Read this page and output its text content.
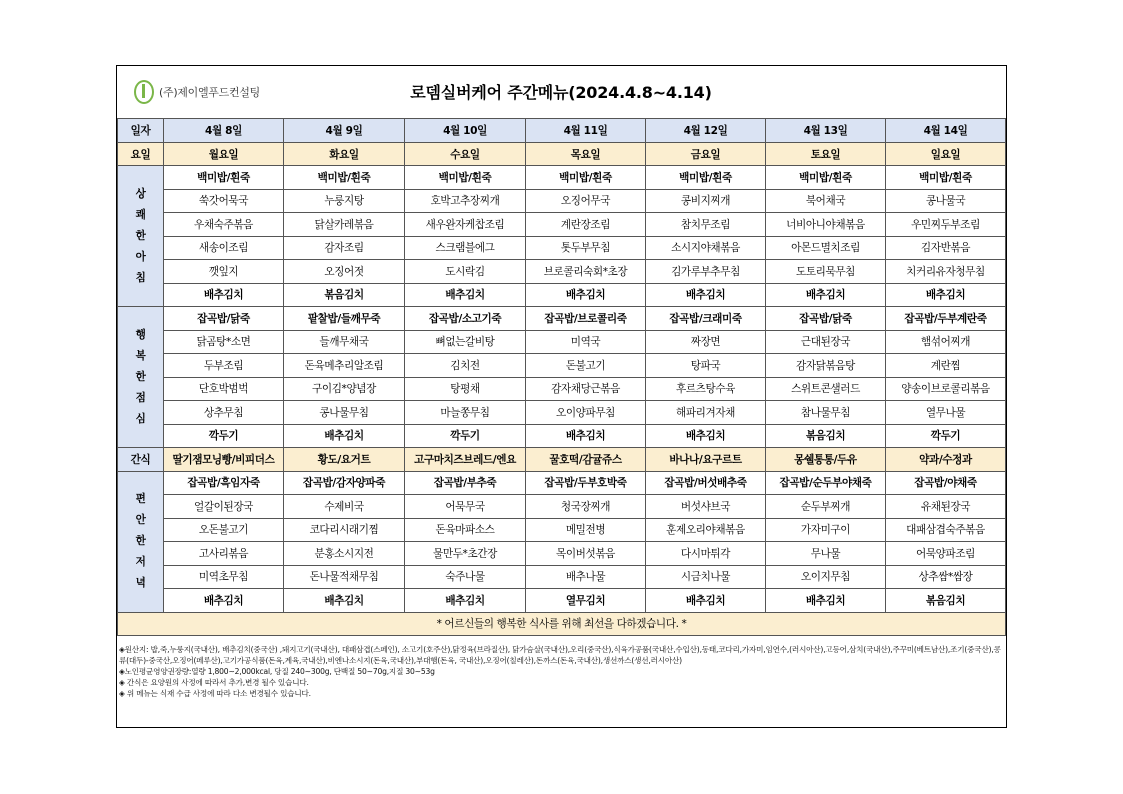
(주)제이엘푸드컨설팅	로뎀실버케어 주간메뉴(2024.4.8~4.14)
일자	4월 8일	4월 9일	4월 10일	4월 11일	4월 12일	4월 13일	4월 14일
요일	월요일	화요일	수요일	목요일	금요일	토요일	일요일
상
쾌
한
아
침	백미밥/흰죽	백미밥/흰죽	백미밥/흰죽	백미밥/흰죽	백미밥/흰죽	백미밥/흰죽	백미밥/흰죽
	쑥갓어묵국	누룽지탕	호박고추장찌개	오징어무국	콩비지찌개	북어채국	콩나물국
	우채숙주볶음	닭살카레볶음	새우완자케찹조림	계란장조림	참치무조림	너비아니야채볶음	우민찌두부조림
	새송이조림	감자조림	스크램블에그	톳두부무침	소시지야채볶음	아몬드멸치조림	김자반볶음
	깻잎지	오징어젓	도시락김	브로콜리숙회*초장	김가루부추무침	도토리묵무침	치커리유자청무침
	배추김치	볶음김치	배추김치	배추김치	배추김치	배추김치	배추김치
행
복
한
점
심	잡곡밥/닭죽	팥찰밥/들깨무죽	잡곡밥/소고기죽	잡곡밥/브로콜리죽	잡곡밥/크래미죽	잡곡밥/닭죽	잡곡밥/두부계란죽
	닭곰탕*소면	들깨무채국	뼈없는갈비탕	미역국	짜장면	근대된장국	햄섞어찌개
	두부조림	돈육메추리알조림	김치전	돈불고기	탕파국	감자닭볶음탕	계란찜
	단호박범벅	구이김*양념장	탕평채	감자채당근볶음	후르츠탕수육	스위트콘샐러드	양송이브로콜리볶음
	상추무침	콩나물무침	마늘쫑무침	오이양파무침	해파리겨자채	참나물무침	열무나물
	깍두기	배추김치	깍두기	배추김치	배추김치	볶음김치	깍두기
간식	딸기잼모닝빵/비피더스	황도/요거트	고구마치즈브레드/엔요	꿀호떡/감귤쥬스	바나나/요구르트	몽쉘통통/두유	약과/수정과
편
안
한
저
녁	잡곡밥/흑임자죽	잡곡밥/감자양파죽	잡곡밥/부추죽	잡곡밥/두부호박죽	잡곡밥/버섯배추죽	잡곡밥/순두부야채죽	잡곡밥/야채죽
	얼갈이된장국	수제비국	어묵무국	청국장찌개	버섯샤브국	순두부찌개	유채된장국
	오돈불고기	코다리시래기찜	돈육마파소스	메밀전병	훈제오리야채볶음	가자미구이	대패삼겹숙주볶음
	고사리볶음	분홍소시지전	물만두*초간장	목이버섯볶음	다시마튀각	무나물	어묵양파조림
	미역초무침	돈나물적채무침	숙주나물	배추나물	시금치나물	오이지무침	상추쌈*쌈장
	배추김치	배추김치	배추김치	열무김치	배추김치	배추김치	볶음김치
* 어르신들의 행복한 식사를 위해 최선을 다하겠습니다. *							
◈원산지: 밥,죽,누룽지(국내산), 배추김치(중국산) ,돼지고기(국내산), 대패삼겹(스페인), 소고기(호주산),닭정육(브라질산), 닭가슴살(국내산),오리(중국산),식육가공품(국내산,수입산),동태,코다리,가자미,임연수,(러시아산),고등어,삼치(국내산),주꾸미(베트남산),조기(중국산),콩류(대두)-중국산,오징어(페루산),고기가공식품(돈육,계육,국내산),비엔나소시지(돈육,국내산),부대햄(돈육, 국내산),오징어(칠레산),돈까스(돈육,국내산),생선까스(생선,러시아산)
◈노인평균영양권장량:열량 1,800~2,000kcal, 당질 240~300g, 단백질 50~70g,지질 30~53g
◈ 간식은 요양원의 사정에 따라서 추가,변경 될수 있습니다.
◈ 위 메뉴는 식재 수급 사정에 따라 다소 변경될수 있습니다.
